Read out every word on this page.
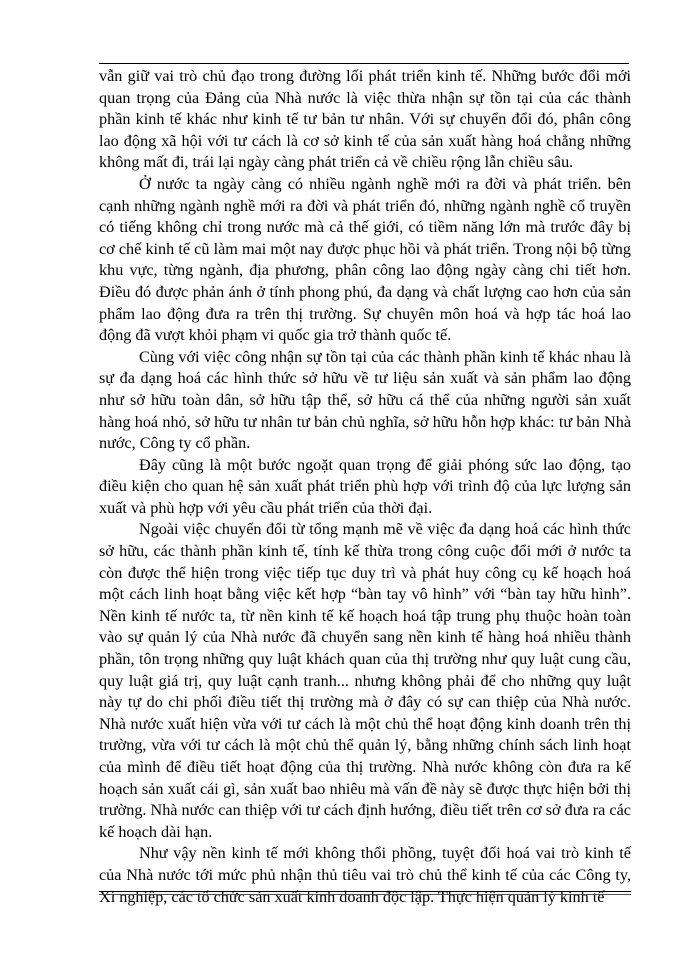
vẫn giữ vai trò chủ đạo trong đường lối phát triển kinh tế. Những bước đổi mới quan trọng của Đảng của Nhà nước là việc thừa nhận sự tồn tại của các thành phần kinh tế khác như kinh tế tư bản tư nhân. Với sự chuyển đổi đó, phân công lao động xã hội với tư cách là cơ sở kinh tế của sản xuất hàng hoá chẳng những không mất đi, trái lại ngày càng phát triển cả về chiều rộng lẫn chiều sâu.

Ở nước ta ngày càng có nhiều ngành nghề mới ra đời và phát triển. bên cạnh những ngành nghề mới ra đời và phát triển đó, những ngành nghề cổ truyền có tiếng không chỉ trong nước mà cả thế giới, có tiềm năng lớn mà trước đây bị cơ chế kinh tế cũ làm mai một nay được phục hồi và phát triển. Trong nội bộ từng khu vực, từng ngành, địa phương, phân công lao động ngày càng chi tiết hơn. Điều đó được phản ánh ở tính phong phú, đa dạng và chất lượng cao hơn của sản phẩm lao động đưa ra trên thị trường. Sự chuyên môn hoá và hợp tác hoá lao động đã vượt khỏi phạm vi quốc gia trở thành quốc tế.

Cùng với việc công nhận sự tồn tại của các thành phần kinh tế khác nhau là sự đa dạng hoá các hình thức sở hữu về tư liệu sản xuất và sản phẩm lao động như sở hữu toàn dân, sở hữu tập thể, sở hữu cá thể của những người sản xuất hàng hoá nhỏ, sở hữu tư nhân tư bản chủ nghĩa, sở hữu hỗn hợp khác: tư bản Nhà nước, Công ty cổ phần.

Đây cũng là một bước ngoặt quan trọng để giải phóng sức lao động, tạo điều kiện cho quan hệ sản xuất phát triển phù hợp với trình độ của lực lượng sản xuất và phù hợp với yêu cầu phát triển của thời đại.

Ngoài việc chuyển đổi từ tổng mạnh mẽ về việc đa dạng hoá các hình thức sở hữu, các thành phần kinh tế, tính kế thừa trong công cuộc đổi mới ở nước ta còn được thể hiện trong việc tiếp tục duy trì và phát huy công cụ kế hoạch hoá một cách linh hoạt bằng việc kết hợp “bàn tay vô hình” với “bàn tay hữu hình”. Nền kinh tế nước ta, từ nền kinh tế kế hoạch hoá tập trung phụ thuộc hoàn toàn vào sự quản lý của Nhà nước đã chuyển sang nền kinh tế hàng hoá nhiều thành phần, tôn trọng những quy luật khách quan của thị trường như quy luật cung cầu, quy luật giá trị, quy luật cạnh tranh... nhưng không phải để cho những quy luật này tự do chi phối điều tiết thị trường mà ở đây có sự can thiệp của Nhà nước. Nhà nước xuất hiện vừa với tư cách là một chủ thể hoạt động kinh doanh trên thị trường, vừa với tư cách là một chủ thể quản lý, bằng những chính sách linh hoạt của mình để điều tiết hoạt động của thị trường. Nhà nước không còn đưa ra kế hoạch sản xuất cái gì, sản xuất bao nhiêu mà vấn đề này sẽ được thực hiện bởi thị trường. Nhà nước can thiệp với tư cách định hướng, điều tiết trên cơ sở đưa ra các kế hoạch dài hạn.

Như vậy nền kinh tế mới không thổi phồng, tuyệt đối hoá vai trò kinh tế của Nhà nước tới mức phủ nhận thủ tiêu vai trò chủ thể kinh tế của các Công ty, Xí nghiệp, các tổ chức sản xuất kinh doanh độc lập. Thực hiện quản lý kinh tế
